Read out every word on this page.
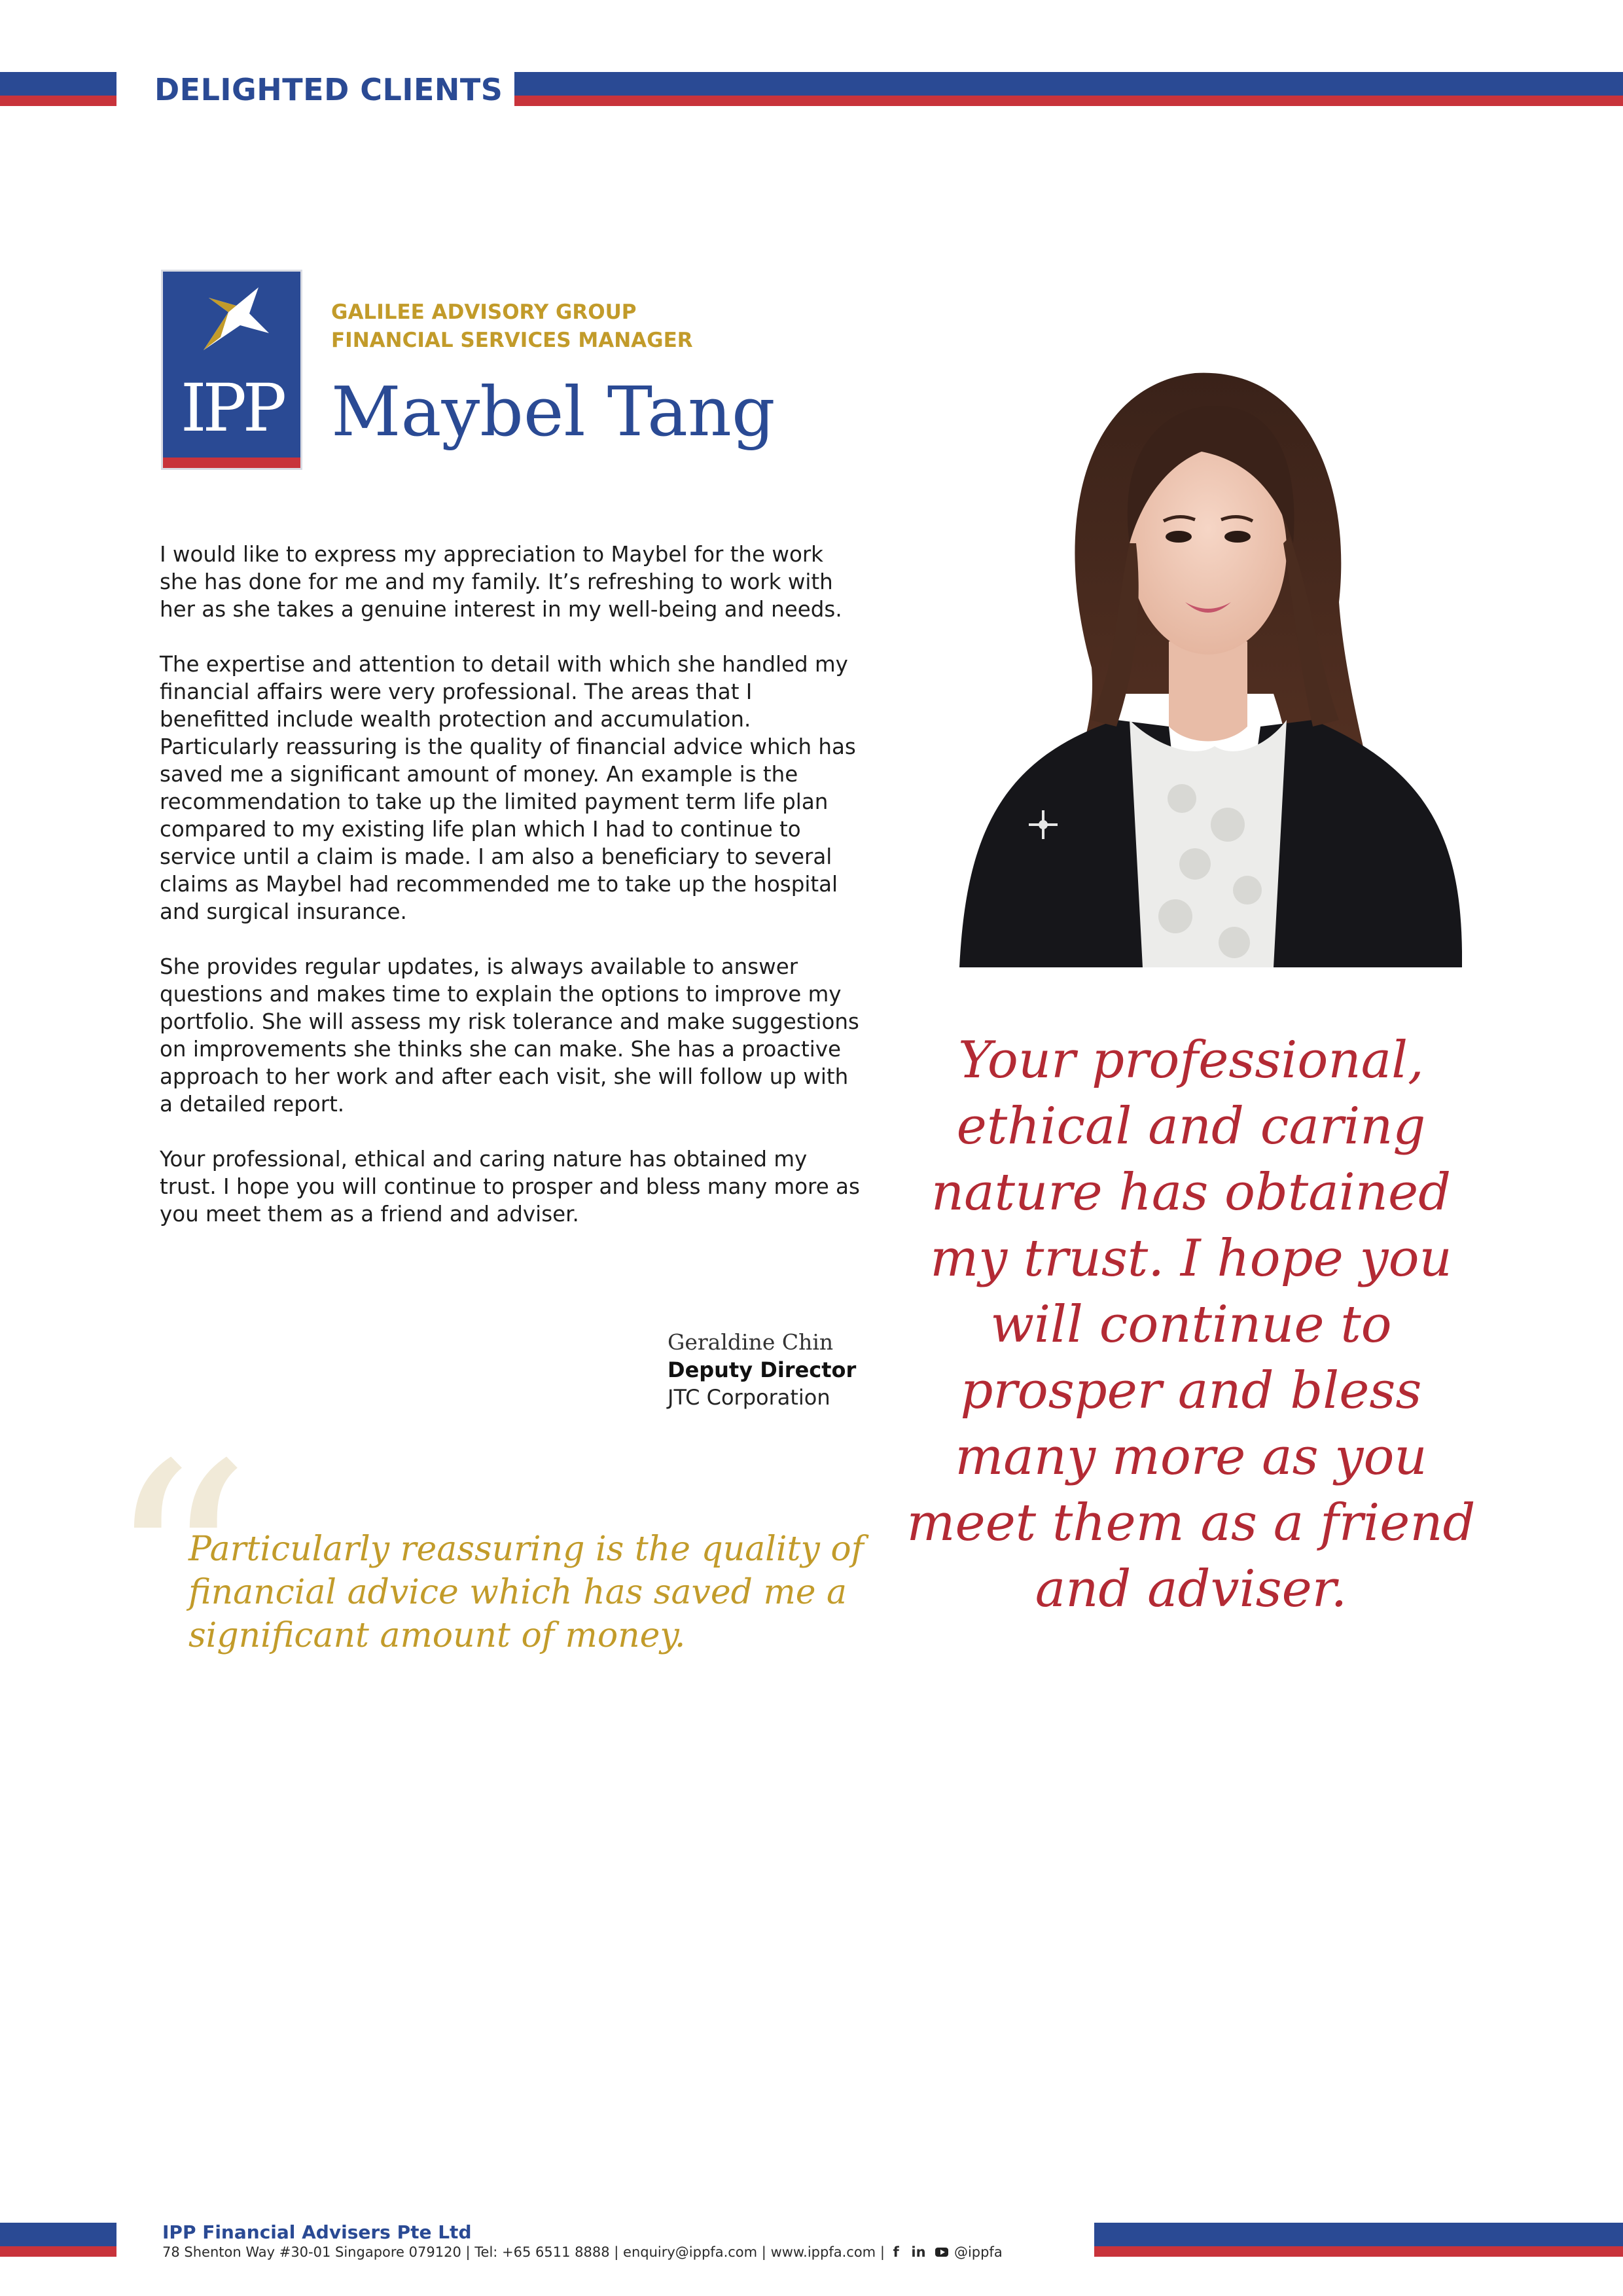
DELIGHTED CLIENTS
IPP
GALILEE ADVISORY GROUP
FINANCIAL SERVICES MANAGER
Maybel Tang

I would like to express my appreciation to Maybel for the work she has done for me and my family. It’s refreshing to work with her as she takes a genuine interest in my well-being and needs.

The expertise and attention to detail with which she handled my financial affairs were very professional. The areas that I benefitted include wealth protection and accumulation. Particularly reassuring is the quality of financial advice which has saved me a significant amount of money. An example is the recommendation to take up the limited payment term life plan compared to my existing life plan which I had to continue to service until a claim is made. I am also a beneficiary to several claims as Maybel had recommended me to take up the hospital and surgical insurance.

She provides regular updates, is always available to answer questions and makes time to explain the options to improve my portfolio. She will assess my risk tolerance and make suggestions on improvements she thinks she can make. She has a proactive approach to her work and after each visit, she will follow up with a detailed report.

Your professional, ethical and caring nature has obtained my trust. I hope you will continue to prosper and bless many more as you meet them as a friend and adviser.

Geraldine Chin
Deputy Director
JTC Corporation
“
Particularly reassuring is the quality of financial advice which has saved me a significant amount of money.
Your professional, ethical and caring nature has obtained my trust. I hope you will continue to prosper and bless many more as you meet them as a friend and adviser.
IPP Financial Advisers Pte Ltd
78 Shenton Way #30-01 Singapore 079120 | Tel: +65 6511 8888 | enquiry@ippfa.com | www.ippfa.com | f in @ippfa
